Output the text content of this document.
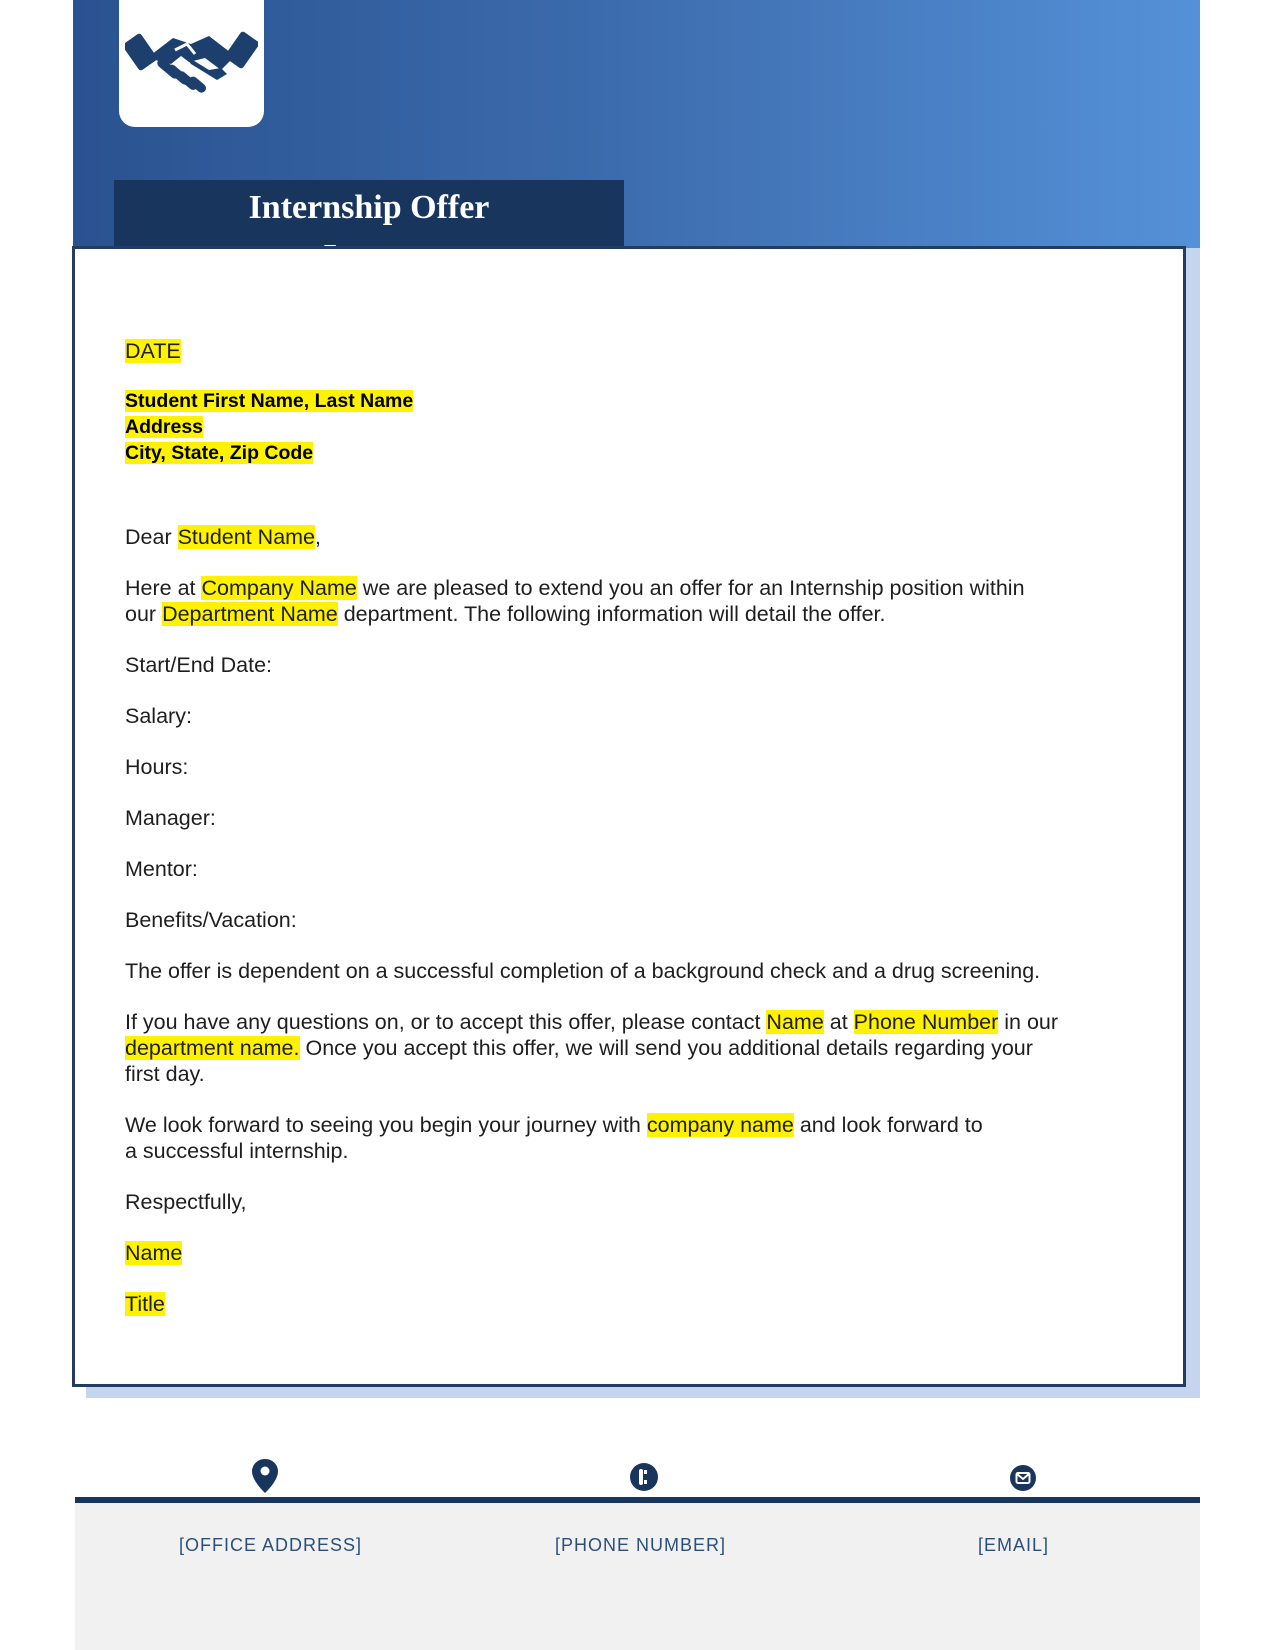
Internship Offer

DATE

Student First Name, Last Name
Address
City, State, Zip Code

Dear Student Name,

Here at Company Name we are pleased to extend you an offer for an Internship position within
our Department Name department. The following information will detail the offer.

Start/End Date:

Salary:

Hours:

Manager:

Mentor:

Benefits/Vacation:

The offer is dependent on a successful completion of a background check and a drug screening.

If you have any questions on, or to accept this offer, please contact Name at Phone Number in our
department name. Once you accept this offer, we will send you additional details regarding your
first day.

We look forward to seeing you begin your journey with company name and look forward to
a successful internship.

Respectfully,

Name

Title

[OFFICE ADDRESS]	[PHONE NUMBER]	[EMAIL]
